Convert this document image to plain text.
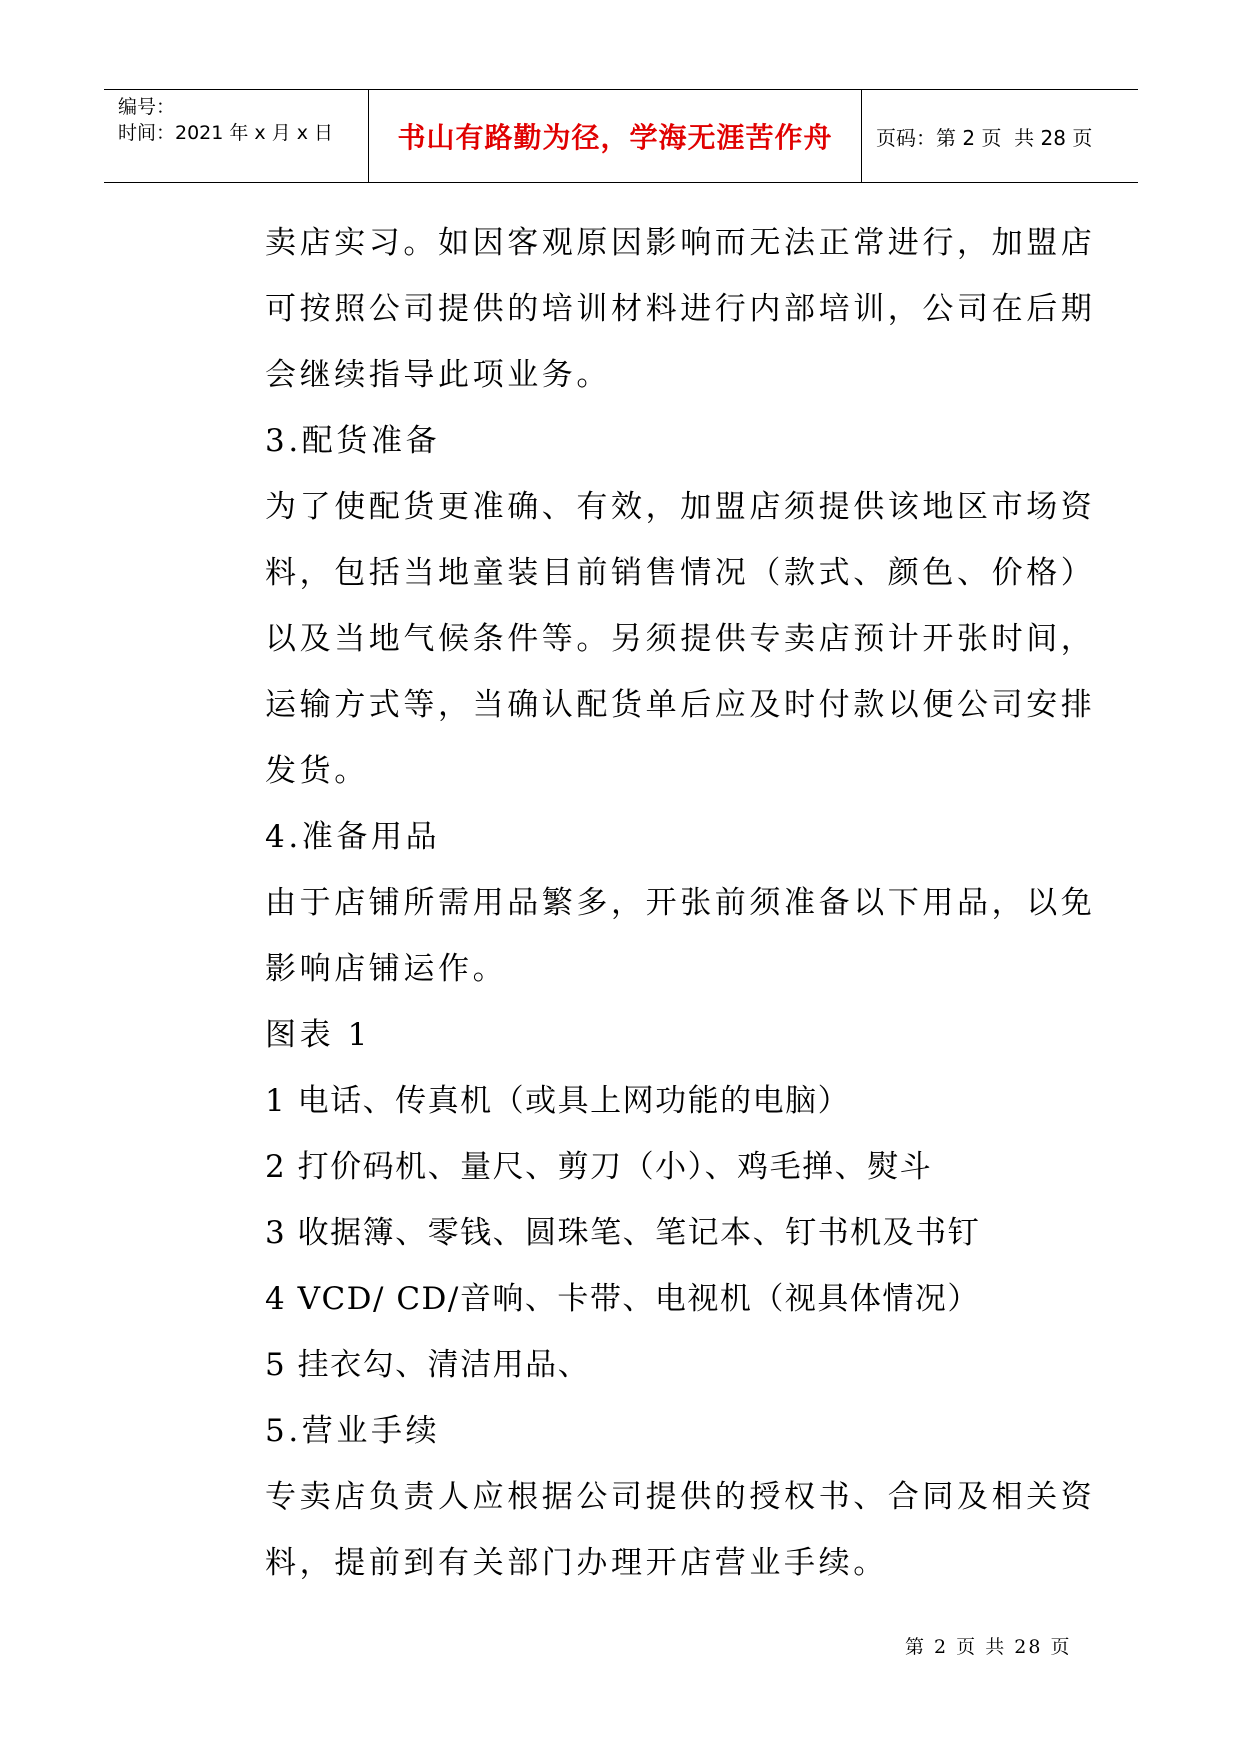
编号：
时间：2021 年 x 月 x 日	书山有路勤为径，学海无涯苦作舟	页码：第 2 页  共 28 页

卖店实习。如因客观原因影响而无法正常进行，加盟店

可按照公司提供的培训材料进行内部培训，公司在后期

会继续指导此项业务。

3.配货准备

为了使配货更准确、有效，加盟店须提供该地区市场资

料，包括当地童装目前销售情况（款式、颜色、价格）

以及当地气候条件等。另须提供专卖店预计开张时间，

运输方式等，当确认配货单后应及时付款以便公司安排

发货。

4.准备用品

由于店铺所需用品繁多，开张前须准备以下用品，以免

影响店铺运作。

图表 1

1 电话、传真机（或具上网功能的电脑）

2 打价码机、量尺、剪刀（小）、鸡毛掸、熨斗

3 收据簿、零钱、圆珠笔、笔记本、钉书机及书钉

4 VCD/ CD/音响、卡带、电视机（视具体情况）

5 挂衣勾、清洁用品、

5.营业手续

专卖店负责人应根据公司提供的授权书、合同及相关资

料，提前到有关部门办理开店营业手续。

第 2 页 共 28 页
